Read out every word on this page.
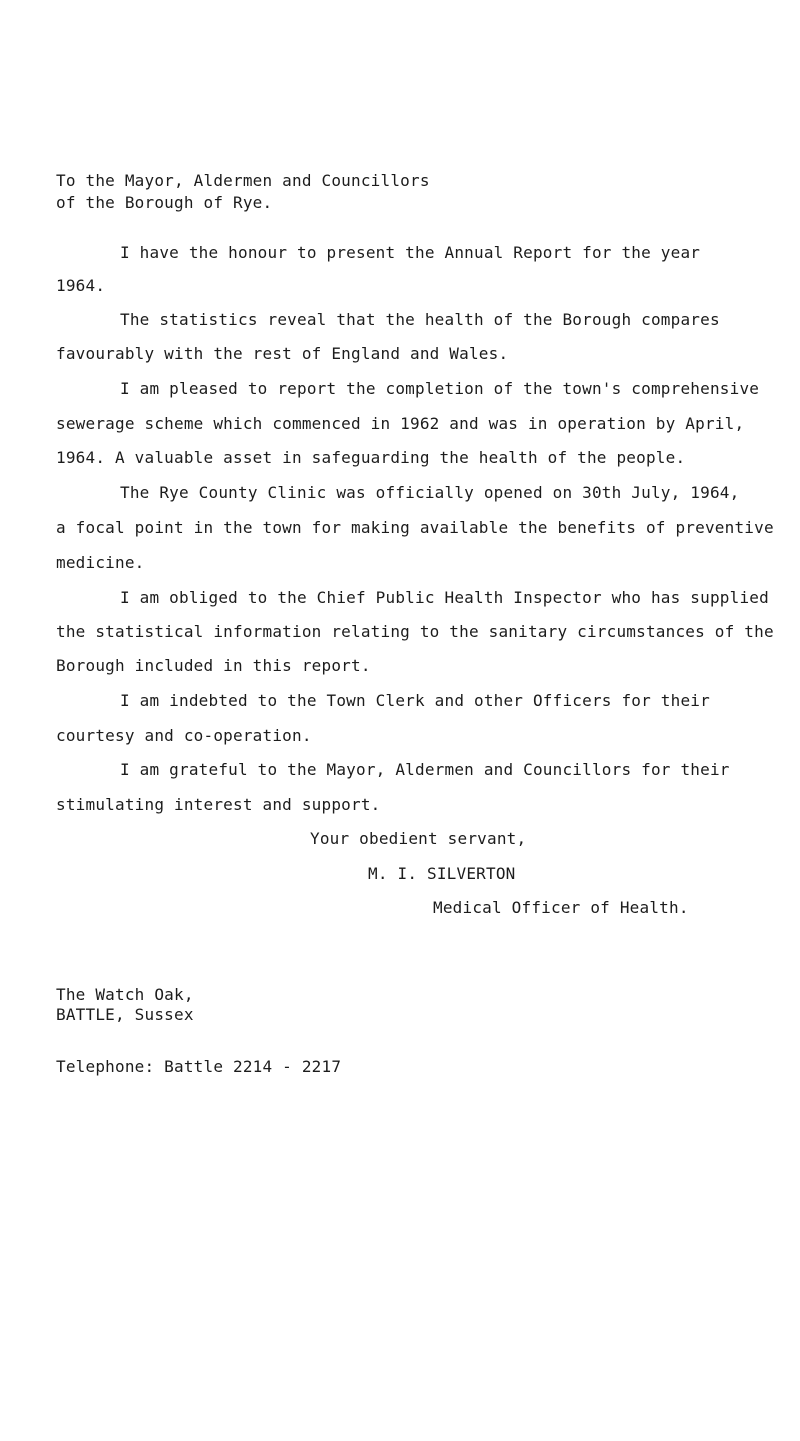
To the Mayor, Aldermen and Councillors
of the Borough of Rye.
I have the honour to present the Annual Report for the year
1964.
The statistics reveal that the health of the Borough compares
favourably with the rest of England and Wales.
I am pleased to report the completion of the town's comprehensive
sewerage scheme which commenced in 1962 and was in operation by April,
1964. A valuable asset in safeguarding the health of the people.
The Rye County Clinic was officially opened on 30th July, 1964,
a focal point in the town for making available the benefits of preventive
medicine.
I am obliged to the Chief Public Health Inspector who has supplied
the statistical information relating to the sanitary circumstances of the
Borough included in this report.
I am indebted to the Town Clerk and other Officers for their
courtesy and co-operation.
I am grateful to the Mayor, Aldermen and Councillors for their
stimulating interest and support.
Your obedient servant,
M. I. SILVERTON
Medical Officer of Health.
The Watch Oak,
BATTLE, Sussex
Telephone: Battle 2214 - 2217
